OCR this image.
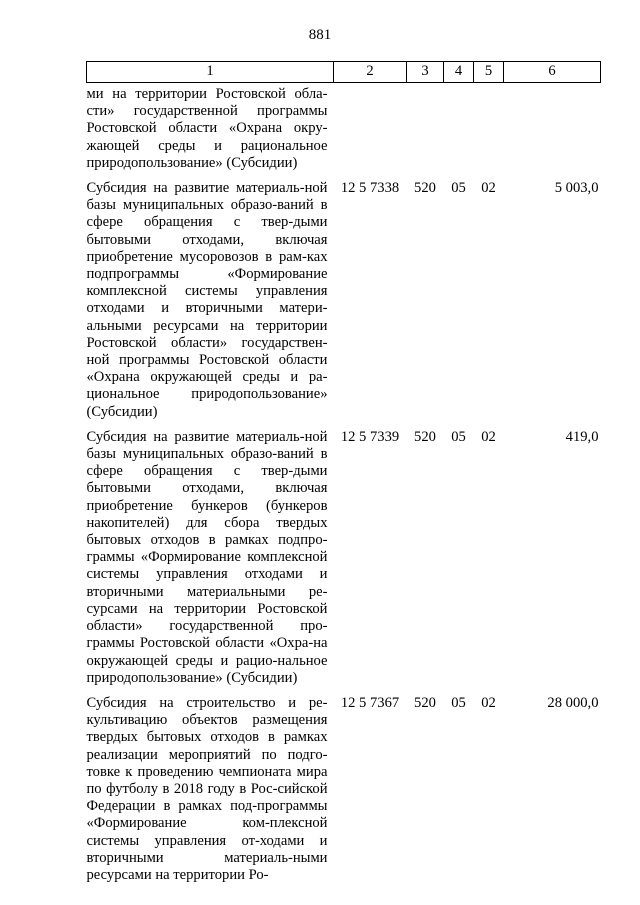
881
1	2	3	4	5	6
ми на территории Ростовской обла-сти» государственной программы Ростовской области «Охрана окру-жающей среды и рациональное природопользование» (Субсидии)					
Субсидия на развитие материаль-ной базы муниципальных образо-ваний в сфере обращения с твер-дыми бытовыми отходами, включая приобретение мусоровозов в рам-ках подпрограммы «Формирование комплексной системы управления отходами и вторичными матери-альными ресурсами на территории Ростовской области» государствен-ной программы Ростовской области «Охрана окружающей среды и ра-циональное природопользование» (Субсидии)	12 5 7338	520	05	02	5 003,0
Субсидия на развитие материаль-ной базы муниципальных образо-ваний в сфере обращения с твер-дыми бытовыми отходами, включая приобретение бункеров (бункеров накопителей) для сбора твердых бытовых отходов в рамках подпро-граммы «Формирование комплексной системы управления отходами и вторичными материальными ре-сурсами на территории Ростовской области» государственной про-граммы Ростовской области «Охра-на окружающей среды и рацио-нальное природопользование» (Субсидии)	12 5 7339	520	05	02	419,0
Субсидия на строительство и ре-культивацию объектов размещения твердых бытовых отходов в рамках реализации мероприятий по подго-товке к проведению чемпионата мира по футболу в 2018 году в Рос-сийской Федерации в рамках под-программы «Формирование ком-плексной системы управления от-ходами и вторичными материаль-ными ресурсами на территории Ро-	12 5 7367	520	05	02	28 000,0
